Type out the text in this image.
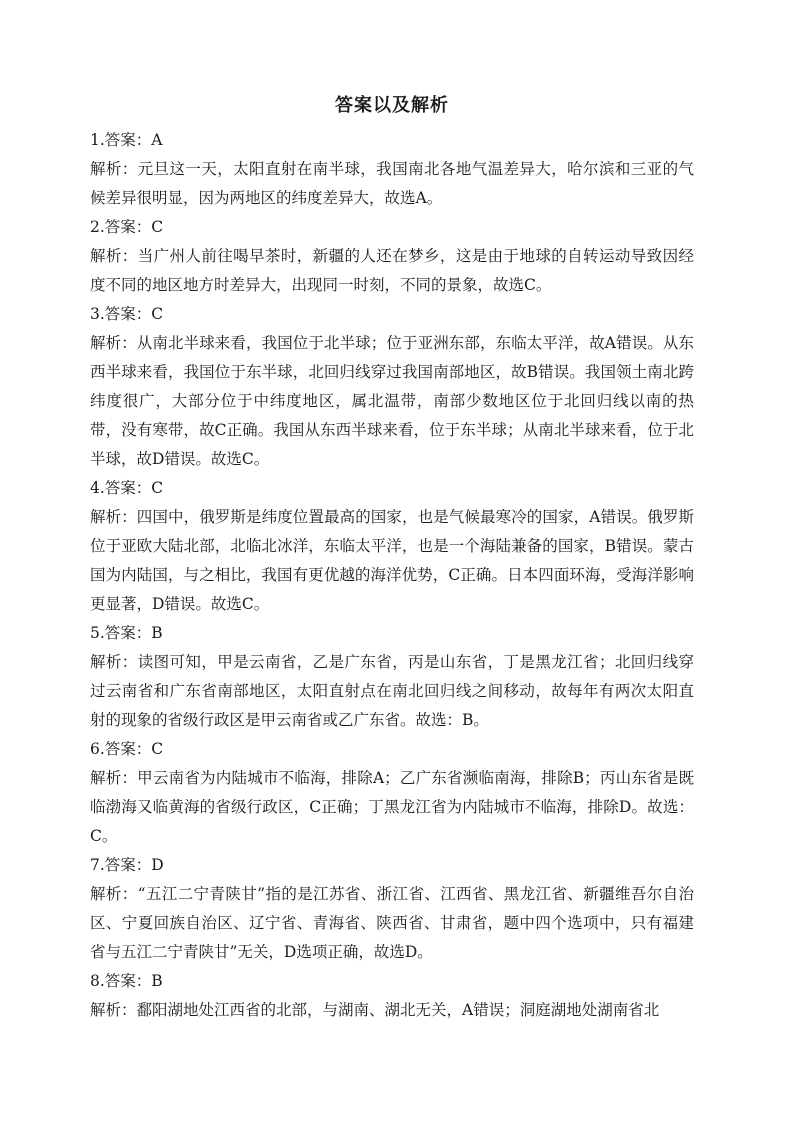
答案以及解析

1.答案：A

解析：元旦这一天，太阳直射在南半球，我国南北各地气温差异大，哈尔滨和三亚的气候差异很明显，因为两地区的纬度差异大，故选A。

2.答案：C

解析：当广州人前往喝早茶时，新疆的人还在梦乡，这是由于地球的自转运动导致因经度不同的地区地方时差异大，出现同一时刻，不同的景象，故选C。

3.答案：C

解析：从南北半球来看，我国位于北半球；位于亚洲东部，东临太平洋，故A错误。从东西半球来看，我国位于东半球，北回归线穿过我国南部地区，故B错误。我国领土南北跨纬度很广，大部分位于中纬度地区，属北温带，南部少数地区位于北回归线以南的热带，没有寒带，故C正确。我国从东西半球来看，位于东半球；从南北半球来看，位于北半球，故D错误。故选C。

4.答案：C

解析：四国中，俄罗斯是纬度位置最高的国家，也是气候最寒冷的国家，A错误。俄罗斯位于亚欧大陆北部，北临北冰洋，东临太平洋，也是一个海陆兼备的国家，B错误。蒙古国为内陆国，与之相比，我国有更优越的海洋优势，C正确。日本四面环海，受海洋影响更显著，D错误。故选C。

5.答案：B

解析：读图可知，甲是云南省，乙是广东省，丙是山东省，丁是黑龙江省；北回归线穿过云南省和广东省南部地区，太阳直射点在南北回归线之间移动，故每年有两次太阳直射的现象的省级行政区是甲云南省或乙广东省。故选：B。

6.答案：C

解析：甲云南省为内陆城市不临海，排除A；乙广东省濒临南海，排除B；丙山东省是既临渤海又临黄海的省级行政区，C正确；丁黑龙江省为内陆城市不临海，排除D。故选：C。

7.答案：D

解析：“五江二宁青陕甘”指的是江苏省、浙江省、江西省、黑龙江省、新疆维吾尔自治区、宁夏回族自治区、辽宁省、青海省、陕西省、甘肃省，题中四个选项中，只有福建省与五江二宁青陕甘”无关，D选项正确，故选D。

8.答案：B

解析：鄱阳湖地处江西省的北部，与湖南、湖北无关，A错误；洞庭湖地处湖南省北
